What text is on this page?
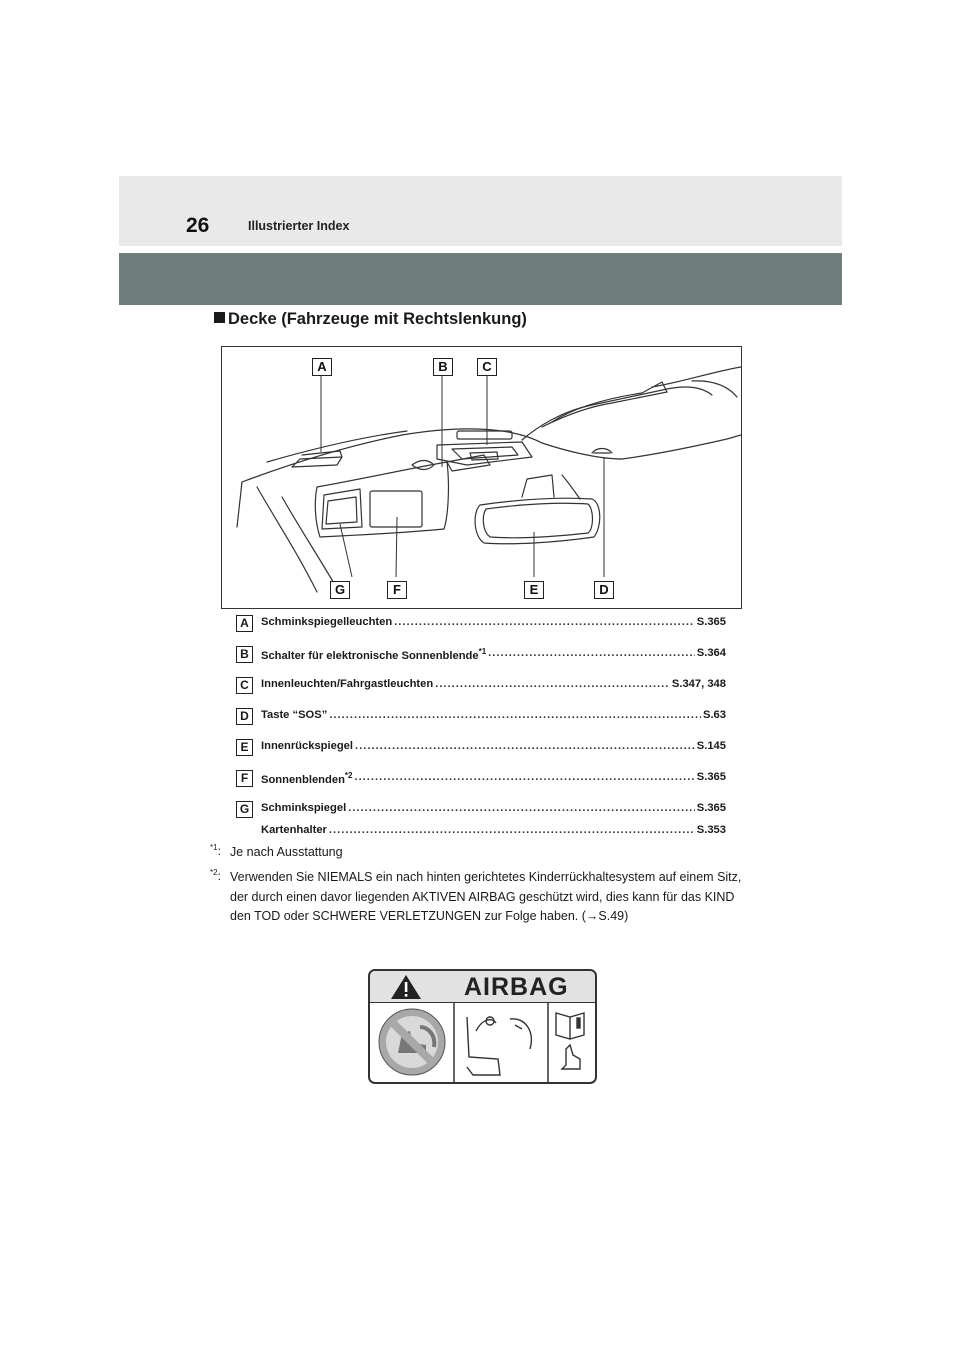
26	Illustrierter Index
Decke (Fahrzeuge mit Rechtslenkung)
A	B	C
G	F	E	D
A	Schminkspiegelleuchten .....	S.365
B	Schalter für elektronische Sonnenblende$^{*1}$ .....	S.364
C	Innenleuchten/Fahrgastleuchten .....	S.347, 348
D	Taste “SOS” .....	S.63
E	Innenrückspiegel .....	S.145
F	Sonnenblenden$^{*2}$ .....	S.365
G	Schminkspiegel .....	S.365
Kartenhalter .....	S.353
$^{*1}$: Je nach Ausstattung
$^{*2}$: Verwenden Sie NIEMALS ein nach hinten gerichtetes Kinderrückhaltesystem auf einem Sitz, der durch einen davor liegenden AKTIVEN AIRBAG geschützt wird, dies kann für das KIND den TOD oder SCHWERE VERLETZUNGEN zur Folge haben. (→S.49)
AIRBAG
